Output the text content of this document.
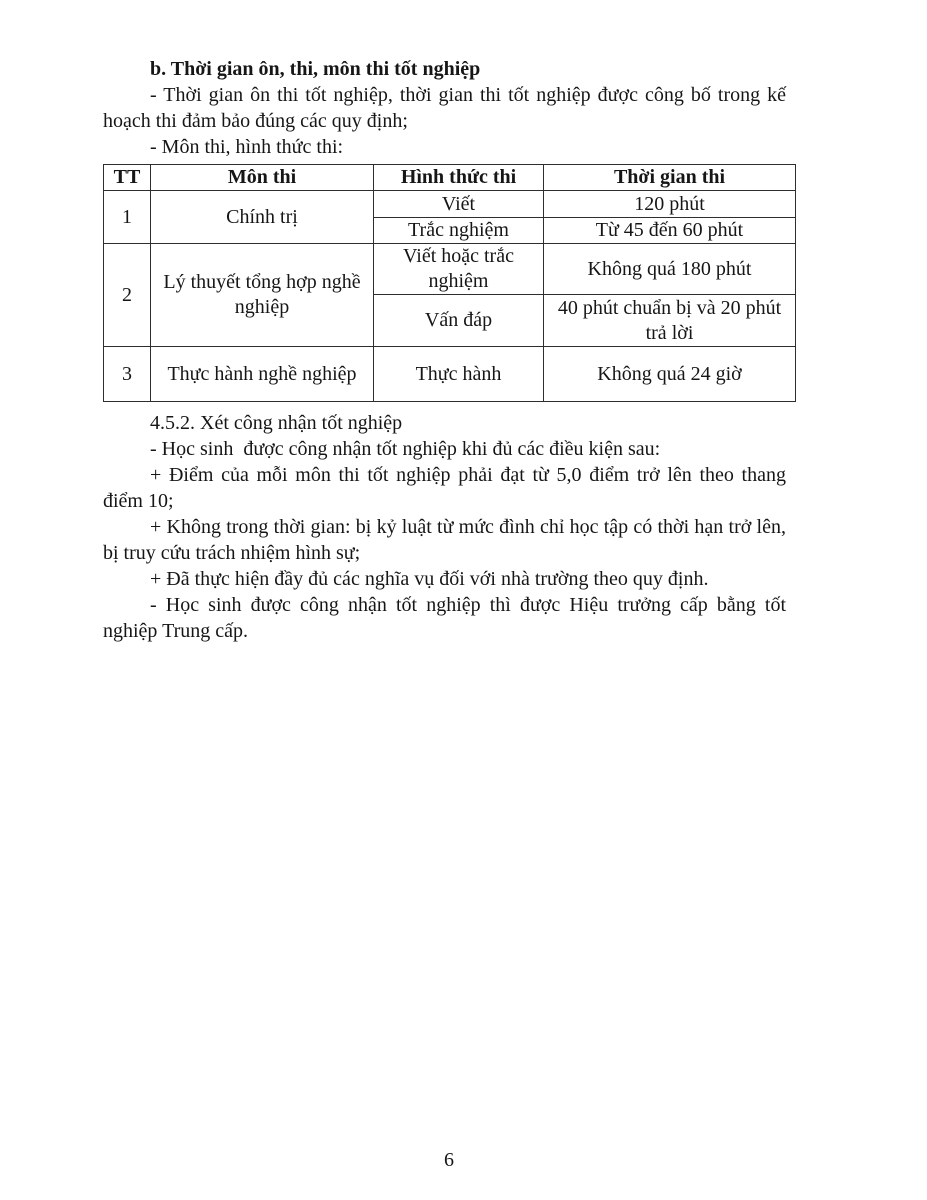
b. Thời gian ôn, thi, môn thi tốt nghiệp

- Thời gian ôn thi tốt nghiệp, thời gian thi tốt nghiệp được công bố trong kế hoạch thi đảm bảo đúng các quy định;

- Môn thi, hình thức thi:

TT	Môn thi	Hình thức thi	Thời gian thi
1	Chính trị	Viết	120 phút
		Trắc nghiệm	Từ 45 đến 60 phút
2	Lý thuyết tổng hợp nghề nghiệp	Viết hoặc trắc nghiệm	Không quá 180 phút
		Vấn đáp	40 phút chuẩn bị và 20 phút trả lời
3	Thực hành nghề nghiệp	Thực hành	Không quá 24 giờ

4.5.2. Xét công nhận tốt nghiệp

- Học sinh  được công nhận tốt nghiệp khi đủ các điều kiện sau:

+ Điểm của mỗi môn thi tốt nghiệp phải đạt từ 5,0 điểm trở lên theo thang điểm 10;

+ Không trong thời gian: bị kỷ luật từ mức đình chỉ học tập có thời hạn trở lên, bị truy cứu trách nhiệm hình sự;

+ Đã thực hiện đầy đủ các nghĩa vụ đối với nhà trường theo quy định.

- Học sinh được công nhận tốt nghiệp thì được Hiệu trưởng cấp bằng tốt nghiệp Trung cấp.

6
